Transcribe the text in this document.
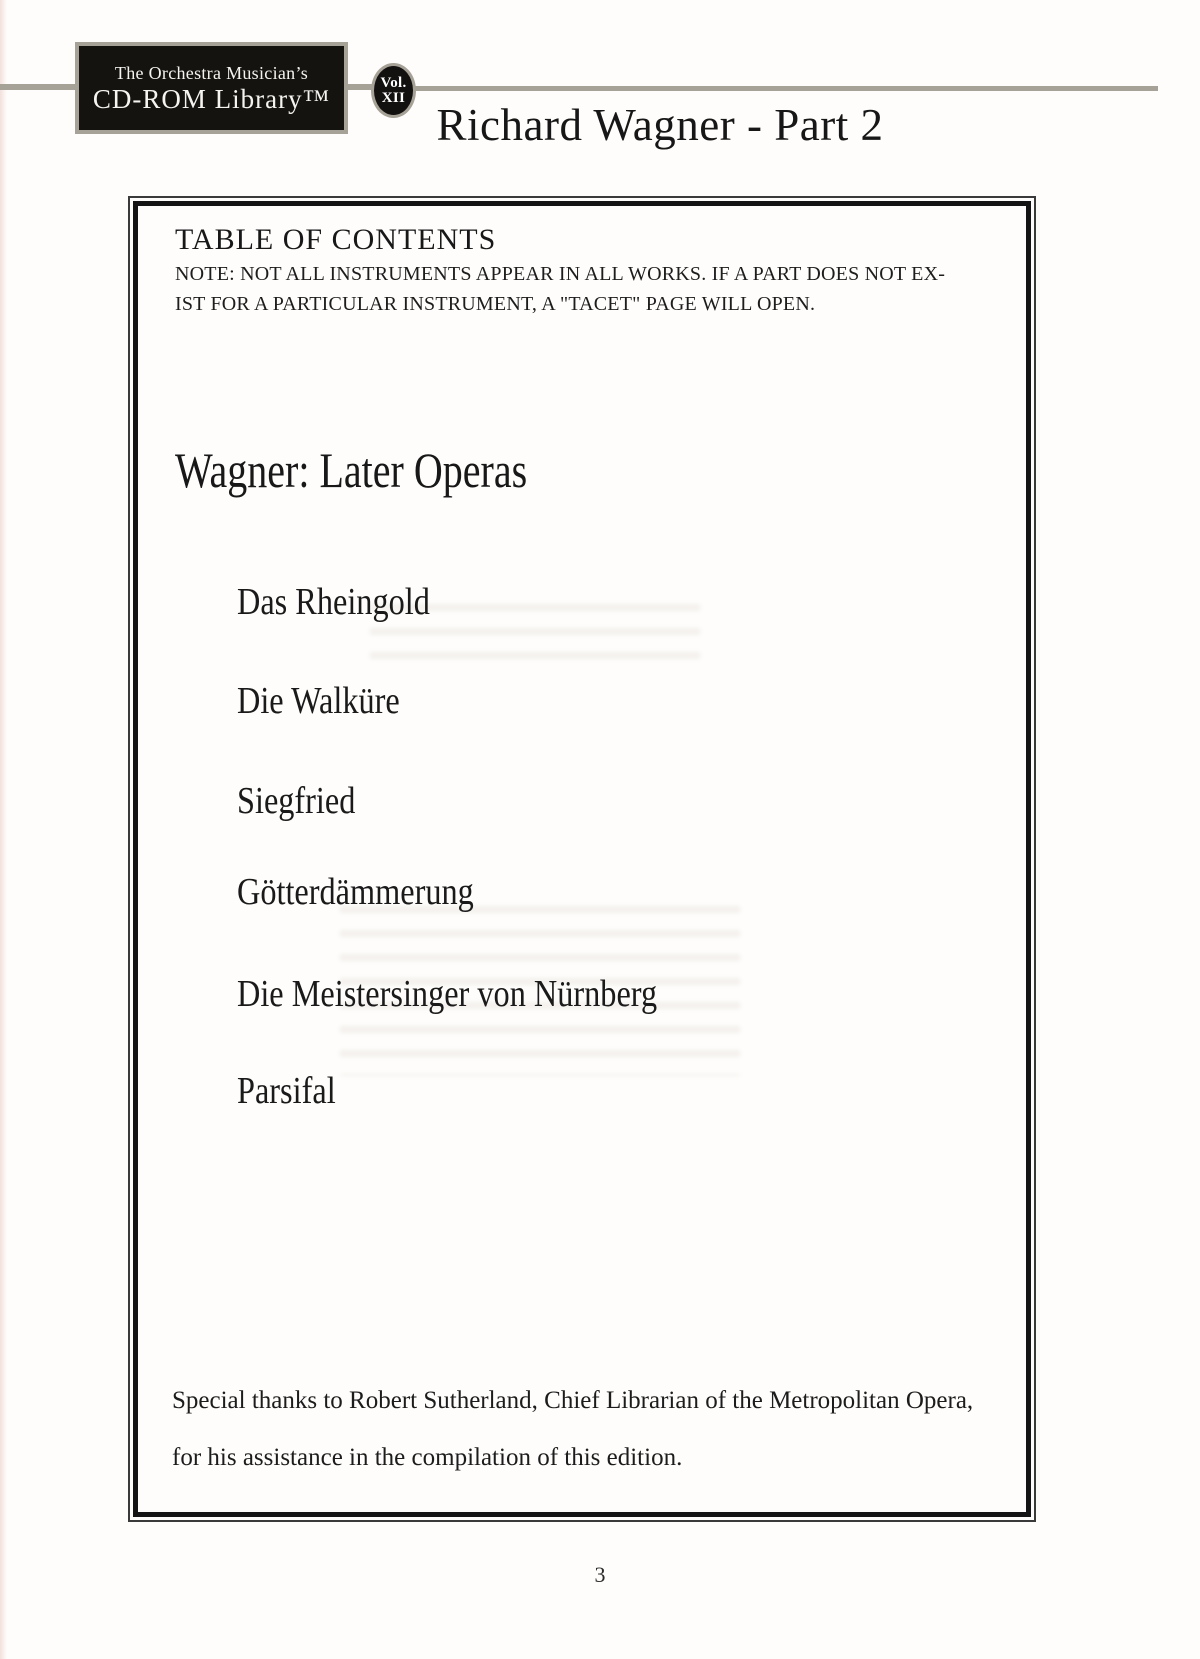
The Orchestra Musician’s
CD-ROM Library™
Vol.
XII
Richard Wagner - Part 2
TABLE OF CONTENTS
NOTE: NOT ALL INSTRUMENTS APPEAR IN ALL WORKS. IF A PART DOES NOT EX-
IST FOR A PARTICULAR INSTRUMENT, A "TACET" PAGE WILL OPEN.
Wagner: Later Operas
Das Rheingold
Die Walküre
Siegfried
Götterdämmerung
Die Meistersinger von Nürnberg
Parsifal
Special thanks to Robert Sutherland, Chief Librarian of the Metropolitan Opera,
for his assistance in the compilation of this edition.
3
